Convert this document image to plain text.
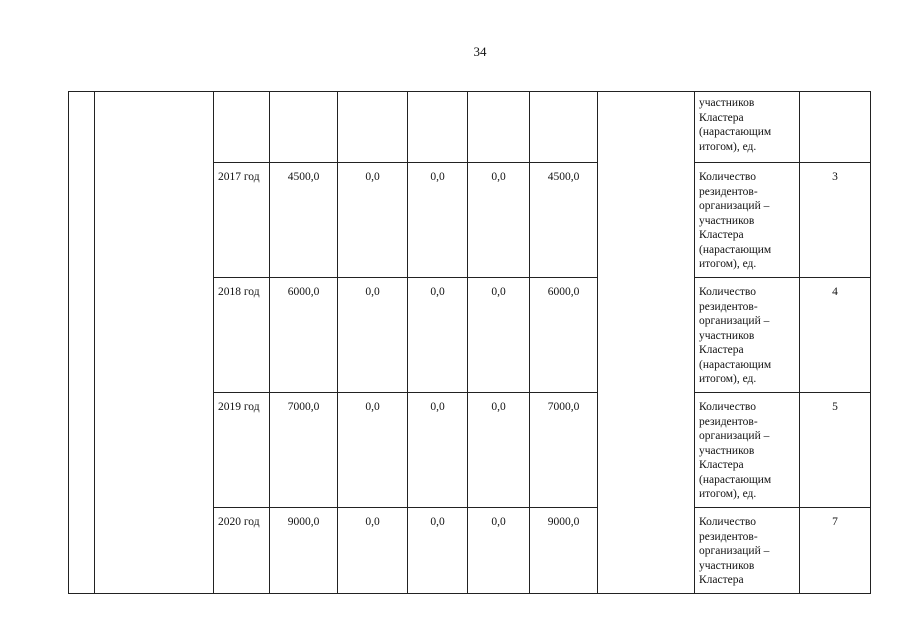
34
									участников Кластера (нарастающим итогом), ед.	
		2017 год	4500,0	0,0	0,0	0,0	4500,0		Количество резидентов-организаций – участников Кластера (нарастающим итогом), ед.	3
		2018 год	6000,0	0,0	0,0	0,0	6000,0		Количество резидентов-организаций – участников Кластера (нарастающим итогом), ед.	4
		2019 год	7000,0	0,0	0,0	0,0	7000,0		Количество резидентов-организаций – участников Кластера (нарастающим итогом), ед.	5
		2020 год	9000,0	0,0	0,0	0,0	9000,0		Количество резидентов-организаций – участников Кластера	7
